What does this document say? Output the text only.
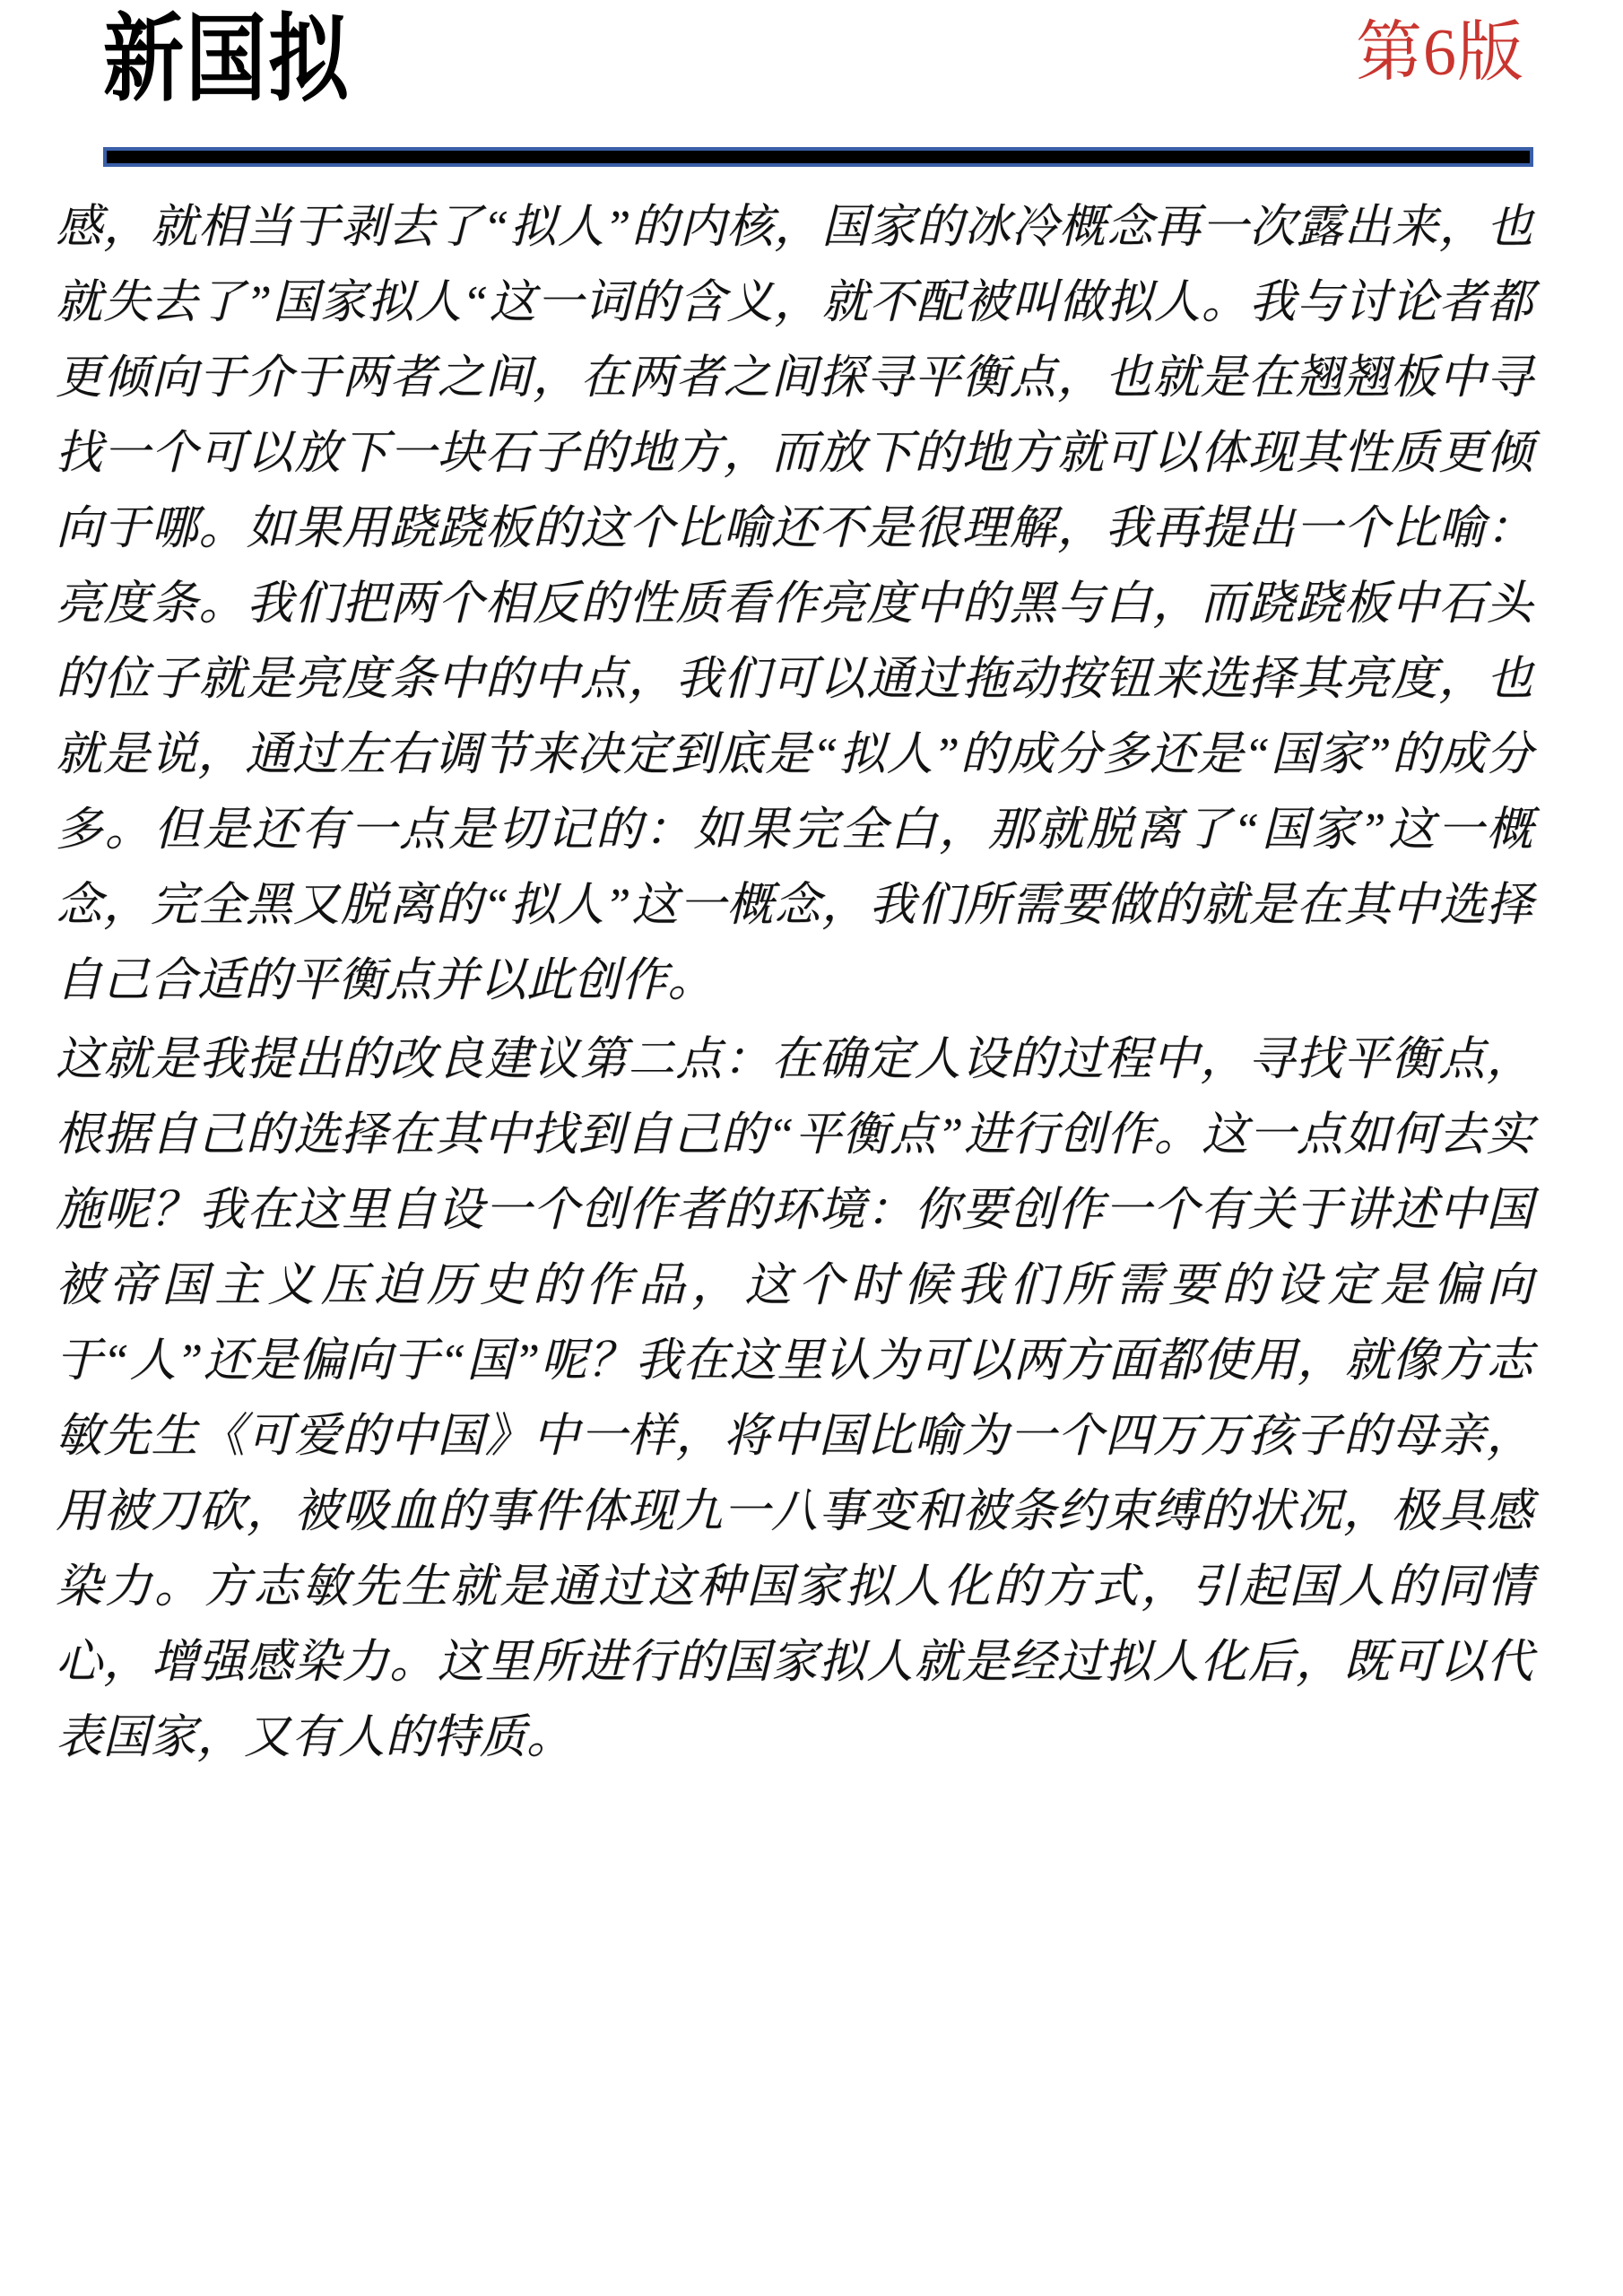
新国拟	第6版

感，就相当于剥去了“拟人”的内核，国家的冰冷概念再一次露出来，也就失去了”国家拟人“这一词的含义，就不配被叫做拟人。我与讨论者都更倾向于介于两者之间，在两者之间探寻平衡点，也就是在翘翘板中寻找一个可以放下一块石子的地方，而放下的地方就可以体现其性质更倾向于哪。如果用跷跷板的这个比喻还不是很理解，我再提出一个比喻：亮度条。我们把两个相反的性质看作亮度中的黑与白，而跷跷板中石头的位子就是亮度条中的中点，我们可以通过拖动按钮来选择其亮度，也就是说，通过左右调节来决定到底是“拟人”的成分多还是“国家”的成分多。但是还有一点是切记的：如果完全白，那就脱离了“国家”这一概念，完全黑又脱离的“拟人”这一概念，我们所需要做的就是在其中选择自己合适的平衡点并以此创作。

这就是我提出的改良建议第二点：在确定人设的过程中，寻找平衡点，根据自己的选择在其中找到自己的“平衡点”进行创作。这一点如何去实施呢？我在这里自设一个创作者的环境：你要创作一个有关于讲述中国被帝国主义压迫历史的作品，这个时候我们所需要的设定是偏向于“人”还是偏向于“国”呢？我在这里认为可以两方面都使用，就像方志敏先生《可爱的中国》中一样，将中国比喻为一个四万万孩子的母亲，用被刀砍，被吸血的事件体现九一八事变和被条约束缚的状况，极具感染力。方志敏先生就是通过这种国家拟人化的方式，引起国人的同情心，增强感染力。这里所进行的国家拟人就是经过拟人化后，既可以代表国家，又有人的特质。
